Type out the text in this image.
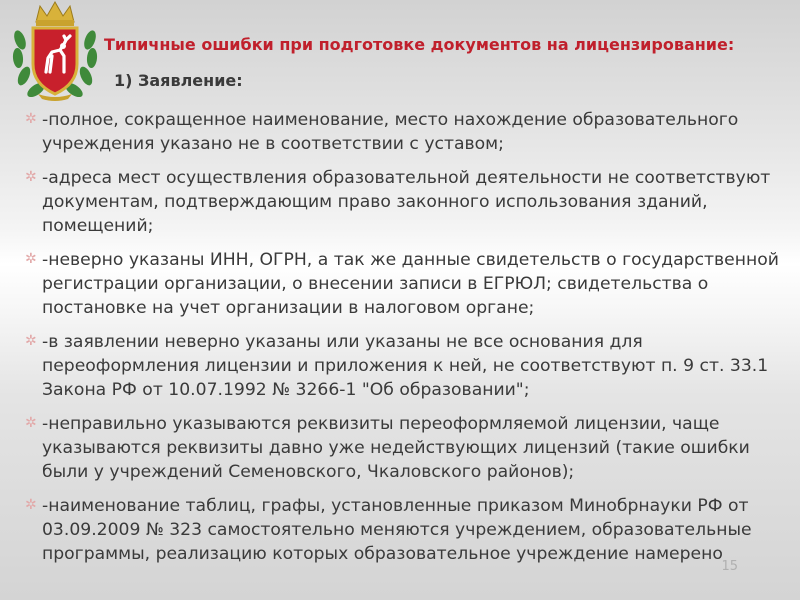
Типичные ошибки при подготовке документов на лицензирование:
1) Заявление:
✲ -полное, сокращенное наименование, место нахождение образовательного учреждения указано не в соответствии с уставом;
✲ -адреса мест осуществления образовательной деятельности не соответствуют документам, подтверждающим право законного использования зданий, помещений;
✲ -неверно указаны ИНН, ОГРН, а так же данные свидетельств о государственной регистрации организации, о внесении записи в ЕГРЮЛ; свидетельства о постановке на учет организации в налоговом органе;
✲ -в заявлении неверно указаны или указаны не все основания для переоформления лицензии и приложения к ней, не соответствуют п. 9 ст. 33.1 Закона РФ от 10.07.1992 № 3266-1 "Об образовании";
✲ -неправильно указываются реквизиты переоформляемой лицензии, чаще указываются реквизиты давно уже недействующих лицензий (такие ошибки были у учреждений Семеновского, Чкаловского районов);
✲ -наименование таблиц, графы, установленные приказом Минобрнауки РФ от 03.09.2009 № 323 самостоятельно меняются учреждением, образовательные программы, реализацию которых образовательное учреждение намерено
15
